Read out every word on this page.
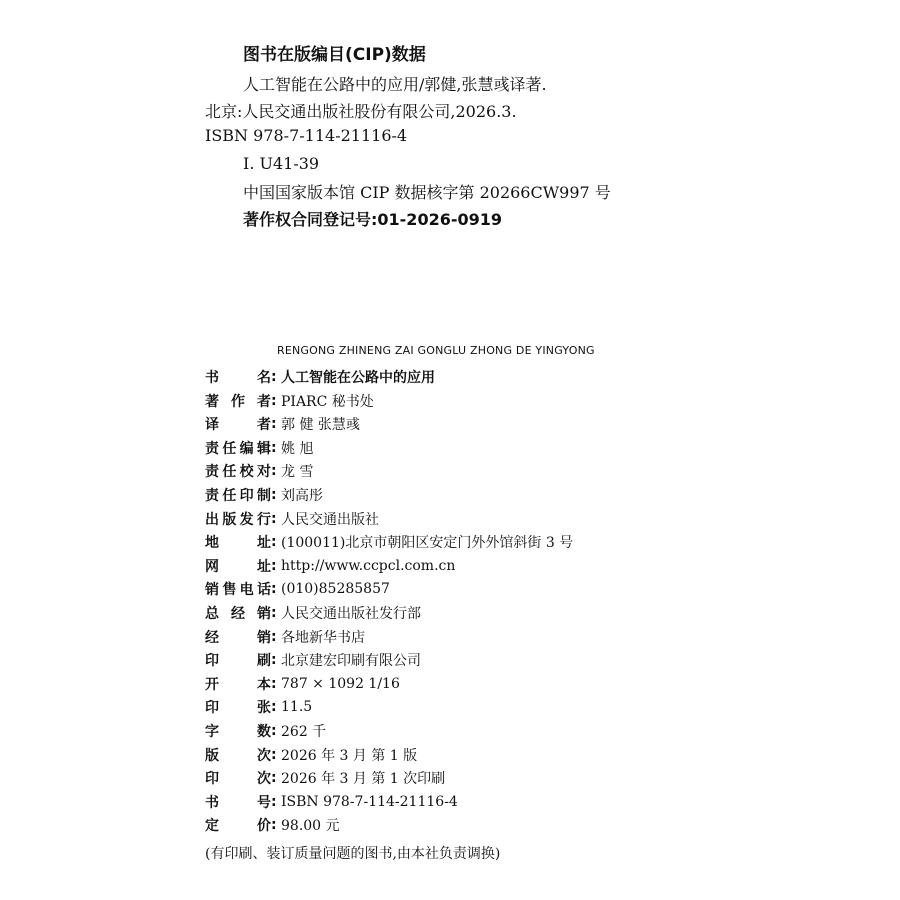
图书在版编目(CIP)数据
人工智能在公路中的应用/郭健,张慧彧译著.
北京:人民交通出版社股份有限公司,2026.3.
ISBN 978-7-114-21116-4
Ⅰ. U41-39
中国国家版本馆 CIP 数据核字第 20266CW997 号
著作权合同登记号:01-2026-0919
RENGONG ZHINENG ZAI GONGLU ZHONG DE YINGYONG
书名 : 人工智能在公路中的应用
著作者 : PIARC 秘书处
译者 : 郭 健 张慧彧
责任编辑 : 姚 旭
责任校对 : 龙 雪
责任印制 : 刘高彤
出版发行 : 人民交通出版社
地址 : (100011)北京市朝阳区安定门外外馆斜街 3 号
网址 : http://www.ccpcl.com.cn
销售电话 : (010)85285857
总经销 : 人民交通出版社发行部
经销 : 各地新华书店
印刷 : 北京建宏印刷有限公司
开本 : 787 × 1092 1/16
印张 : 11.5
字数 : 262 千
版次 : 2026 年 3 月 第 1 版
印次 : 2026 年 3 月 第 1 次印刷
书号 : ISBN 978-7-114-21116-4
定价 : 98.00 元
(有印刷、装订质量问题的图书,由本社负责调换)
